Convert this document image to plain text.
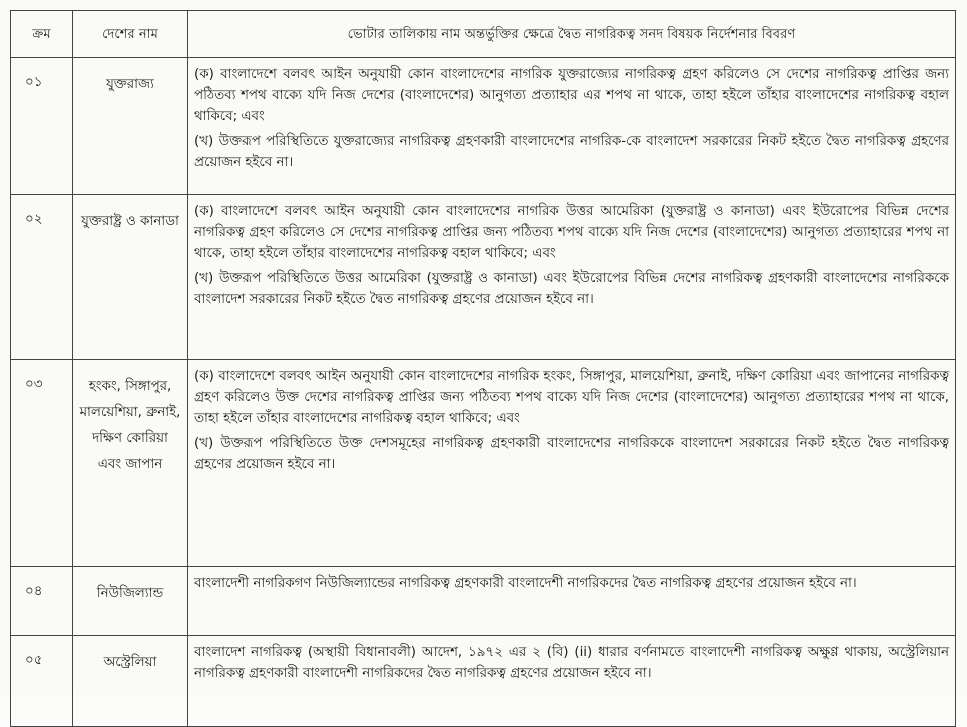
ক্রম	দেশের নাম	ভোটার তালিকায় নাম অন্তর্ভুক্তির ক্ষেত্রে দ্বৈত নাগরিকত্ব সনদ বিষয়ক নির্দেশনার বিবরণ
০১	যুক্তরাজ্য	(ক) বাংলাদেশে বলবৎ আইন অনুযায়ী কোন বাংলাদেশের নাগরিক যুক্তরাজ্যের নাগরিকত্ব গ্রহণ করিলেও সে দেশের নাগরিকত্ব প্রাপ্তির জন্য পঠিতব্য শপথ বাক্যে যদি নিজ দেশের (বাংলাদেশের) আনুগত্য প্রত্যাহার এর শপথ না থাকে, তাহা হইলে তাঁহার বাংলাদেশের নাগরিকত্ব বহাল থাকিবে; এবং
(খ) উক্তরূপ পরিস্থিতিতে যুক্তরাজ্যের নাগরিকত্ব গ্রহণকারী বাংলাদেশের নাগরিক-কে বাংলাদেশ সরকারের নিকট হইতে দ্বৈত নাগরিকত্ব গ্রহণের প্রয়োজন হইবে না।

০২	যুক্তরাষ্ট্র ও কানাডা	(ক) বাংলাদেশে বলবৎ আইন অনুযায়ী কোন বাংলাদেশের নাগরিক উত্তর আমেরিকা (যুক্তরাষ্ট্র ও কানাডা) এবং ইউরোপের বিভিন্ন দেশের নাগরিকত্ব গ্রহণ করিলেও সে দেশের নাগরিকত্ব প্রাপ্তির জন্য পঠিতব্য শপথ বাক্যে যদি নিজ দেশের (বাংলাদেশের) আনুগত্য প্রত্যাহারের শপথ না থাকে, তাহা হইলে তাঁহার বাংলাদেশের নাগরিকত্ব বহাল থাকিবে; এবং
(খ) উক্তরূপ পরিস্থিতিতে উত্তর আমেরিকা (যুক্তরাষ্ট্র ও কানাডা) এবং ইউরোপের বিভিন্ন দেশের নাগরিকত্ব গ্রহণকারী বাংলাদেশের নাগরিককে বাংলাদেশ সরকারের নিকট হইতে দ্বৈত নাগরিকত্ব গ্রহণের প্রয়োজন হইবে না।

০৩	হংকং, সিঙ্গাপুর, মালয়েশিয়া, ব্রুনাই, দক্ষিণ কোরিয়া এবং জাপান	(ক) বাংলাদেশে বলবৎ আইন অনুযায়ী কোন বাংলাদেশের নাগরিক হংকং, সিঙ্গাপুর, মালয়েশিয়া, ব্রুনাই, দক্ষিণ কোরিয়া এবং জাপানের নাগরিকত্ব গ্রহণ করিলেও উক্ত দেশের নাগরিকত্ব প্রাপ্তির জন্য পঠিতব্য শপথ বাক্যে যদি নিজ দেশের (বাংলাদেশের) আনুগত্য প্রত্যাহারের শপথ না থাকে, তাহা হইলে তাঁহার বাংলাদেশের নাগরিকত্ব বহাল থাকিবে; এবং
(খ) উক্তরূপ পরিস্থিতিতে উক্ত দেশসমূহের নাগরিকত্ব গ্রহণকারী বাংলাদেশের নাগরিককে বাংলাদেশ সরকারের নিকট হইতে দ্বৈত নাগরিকত্ব গ্রহণের প্রয়োজন হইবে না।

০৪	নিউজিল্যান্ড	বাংলাদেশী নাগরিকগণ নিউজিল্যান্ডের নাগরিকত্ব গ্রহণকারী বাংলাদেশী নাগরিকদের দ্বৈত নাগরিকত্ব গ্রহণের প্রয়োজন হইবে না।

০৫	অস্ট্রেলিয়া	বাংলাদেশ নাগরিকত্ব (অস্থায়ী বিধানাবলী) আদেশ, ১৯৭২ এর ২ (বি) (ii) ধারার বর্ণনামতে বাংলাদেশী নাগরিকত্ব অক্ষুণ্ণ থাকায়, অস্ট্রেলিয়ান নাগরিকত্ব গ্রহণকারী বাংলাদেশী নাগরিকদের দ্বৈত নাগরিকত্ব গ্রহণের প্রয়োজন হইবে না।
